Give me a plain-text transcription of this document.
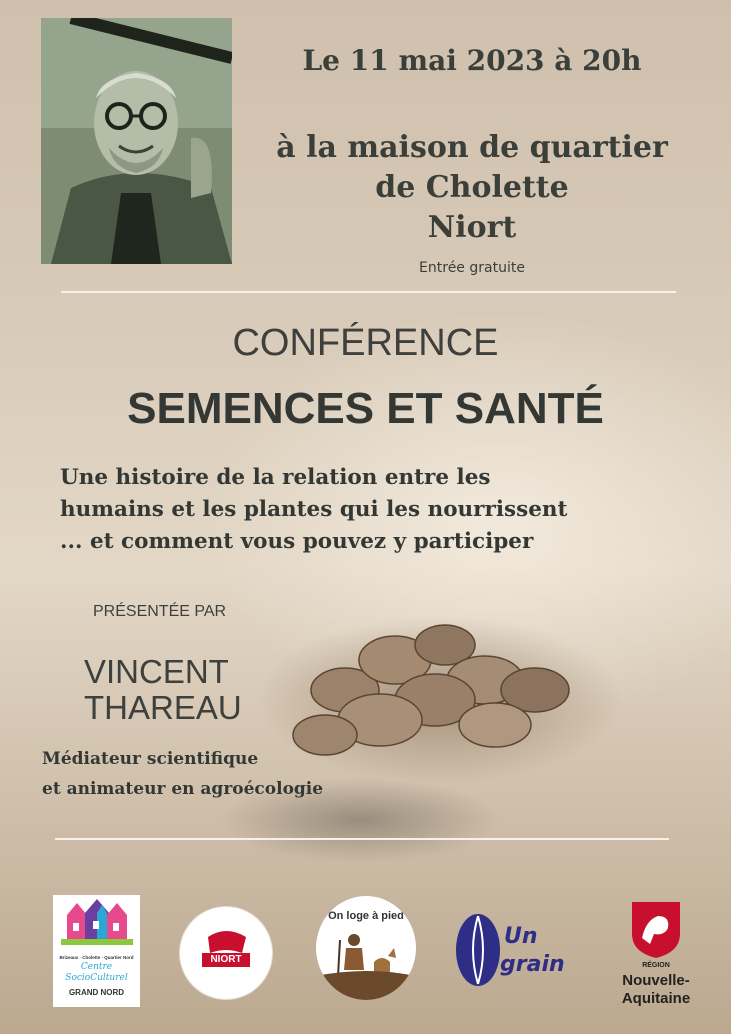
Le 11 mai 2023 à 20h
à la maison de quartier
de Cholette
Niort
Entrée gratuite
CONFÉRENCE
SEMENCES ET SANTÉ
Une histoire de la relation entre les
humains et les plantes qui les nourrissent
... et comment vous pouvez y participer
PRÉSENTÉE PAR
VINCENT
THAREAU
Médiateur scientifique
et animateur en agroécologie
Brizeaux · Cholette · Quartier Nord
Centre SocioCulturel
GRAND NORD
NIORT
On loge à pied
Un
grain	RÉGION
Nouvelle-
Aquitaine
